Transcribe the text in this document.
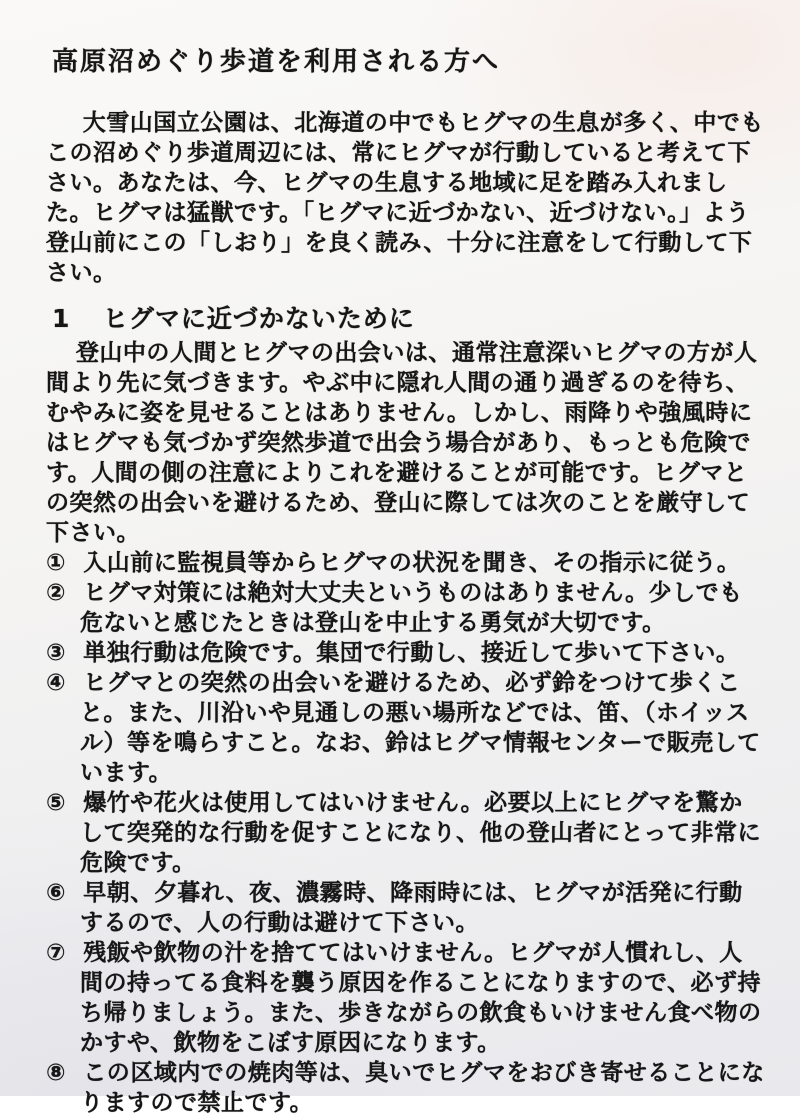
高原沼めぐり歩道を利用される方へ

大雪山国立公園は、北海道の中でもヒグマの生息が多く、中でもこの沼めぐり歩道周辺には、常にヒグマが行動していると考えて下さい。あなたは、今、ヒグマの生息する地域に足を踏み入れました。ヒグマは猛獣です。「ヒグマに近づかない、近づけない。」よう登山前にこの「しおり」を良く読み、十分に注意をして行動して下さい。

1 ヒグマに近づかないために

登山中の人間とヒグマの出会いは、通常注意深いヒグマの方が人間より先に気づきます。やぶ中に隠れ人間の通り過ぎるのを待ち、むやみに姿を見せることはありません。しかし、雨降りや強風時にはヒグマも気づかず突然歩道で出会う場合があり、もっとも危険です。人間の側の注意によりこれを避けることが可能です。ヒグマとの突然の出会いを避けるため、登山に際しては次のことを厳守して下さい。

① 入山前に監視員等からヒグマの状況を聞き、その指示に従う。
② ヒグマ対策には絶対大丈夫というものはありません。少しでも危ないと感じたときは登山を中止する勇気が大切です。
③ 単独行動は危険です。集団で行動し、接近して歩いて下さい。
④ ヒグマとの突然の出会いを避けるため、必ず鈴をつけて歩くこと。また、川沿いや見通しの悪い場所などでは、笛、（ホイッスル）等を鳴らすこと。なお、鈴はヒグマ情報センターで販売しています。
⑤ 爆竹や花火は使用してはいけません。必要以上にヒグマを驚かして突発的な行動を促すことになり、他の登山者にとって非常に危険です。
⑥ 早朝、夕暮れ、夜、濃霧時、降雨時には、ヒグマが活発に行動するので、人の行動は避けて下さい。
⑦ 残飯や飲物の汁を捨ててはいけません。ヒグマが人慣れし、人間の持ってる食料を襲う原因を作ることになりますので、必ず持ち帰りましょう。また、歩きながらの飲食もいけません食べ物のかすや、飲物をこぼす原因になります。
⑧ この区域内での焼肉等は、臭いでヒグマをおびき寄せることになりますので禁止です。
